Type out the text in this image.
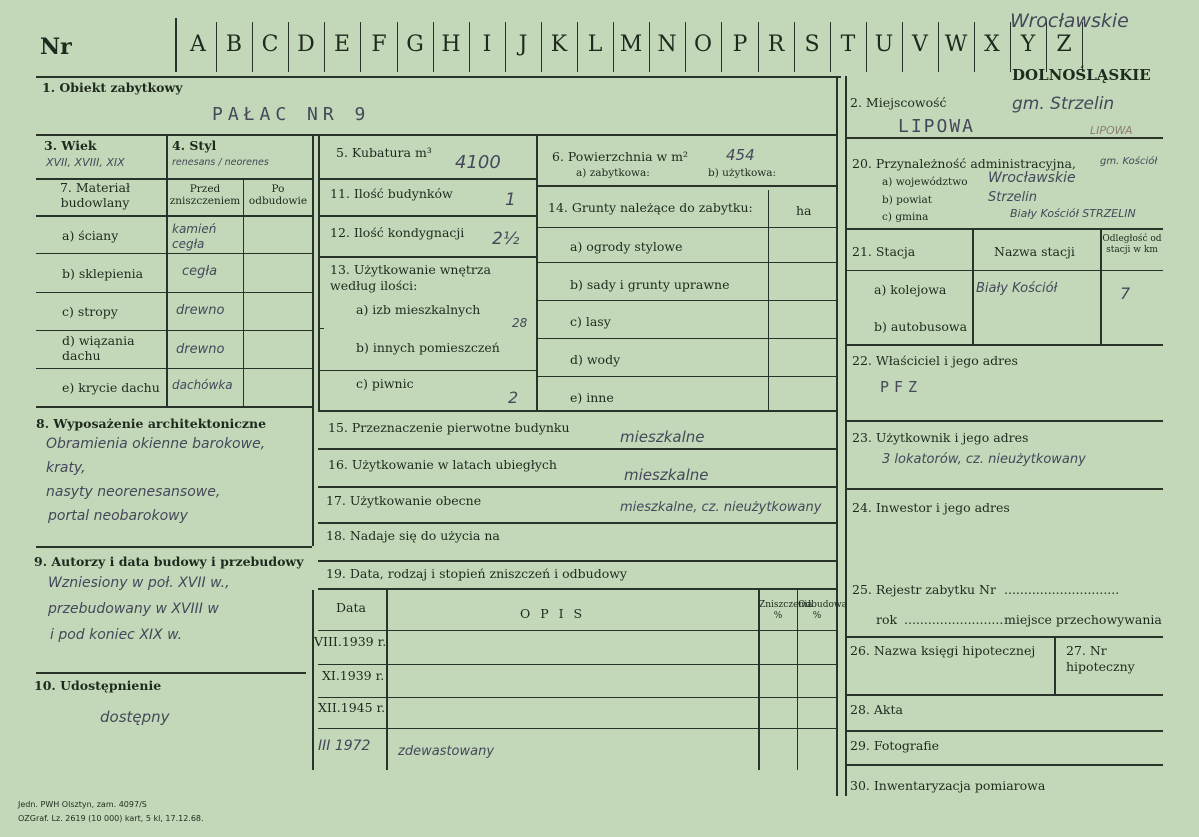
Nr	A B C D E F G H	I	J	K L M N O P R S T U V W X Y Z
Wrocławskie
DOLNOŚLĄSKIE
1. Obiekt zabytkowy
PAŁAC NR 9
2. Miejscowość	gm. Strzelin
LIPOWA	LIPOWA
3. Wiek
XVII, XVIII, XIX
4. Styl
renesans / neorenes
5. Kubatura m³ 4100	6. Powierzchnia w m²	454
a) zabytkowa:	b) użytkowa:
7. Materiał budowlany
Przed zniszczeniem
Po odbudowie
a) ściany	kamień cegła
b) sklepienia	cegła
c) stropy	drewno
d) wiązania dachu	drewno
e) krycie dachu dachówka
11. Ilość budynków	1
12. Ilość kondygnacji 2½
13. Użytkowanie wnętrza według ilości:
a) izb mieszkalnych
28
b) innych pomieszczeń
c) piwnic
2
14. Grunty należące do zabytku:	ha
a) ogrody stylowe
b) sady i grunty uprawne
c) lasy
d) wody
e) inne
20. Przynależność administracyjna, gm. Kościół
a) województwo Wrocławskie
b) powiat	Strzelin
c) gmina	Biały Kościół STRZELIN
21. Stacja	Nazwa stacji
Odległość od stacji w km
a) kolejowa Biały Kościół	7
b) autobusowa
22. Właściciel i jego adres
PFZ
23. Użytkownik i jego adres
3 lokatorów, cz. nieużytkowany
24. Inwestor i jego adres
25. Rejestr zabytku Nr .............................
rok ......................... miejsce przechowywania
26. Nazwa księgi hipotecznej 27. Nr hipoteczny
28. Akta
29. Fotografie
30. Inwentaryzacja pomiarowa
8. Wyposażenie architektoniczne
Obramienia okienne barokowe,
kraty,
nasyty neorenesansowe,
portal neobarokowy
9. Autorzy i data budowy i przebudowy
Wzniesiony w poł. XVII w.,
przebudowany w XVIII w
i pod koniec XIX w.
10. Udostępnienie
dostępny
15. Przeznaczenie pierwotne budynku
mieszkalne
16. Użytkowanie w latach ubiegłych
mieszkalne
17. Użytkowanie obecne	mieszkalne, cz. nieużytkowany
18. Nadaje się do użycia na
19. Data, rodzaj i stopień zniszczeń i odbudowy
Data	O P I S
Zniszczenia %
Odbudowa %
VIII.1939 r.
XI.1939 r.
XII.1945 r.
III 1972 zdewastowany
Jedn. PWH Olsztyn, zam. 4097/S
OZGraf. Lz. 2619 (10 000) kart, 5 kl, 17.12.68.
